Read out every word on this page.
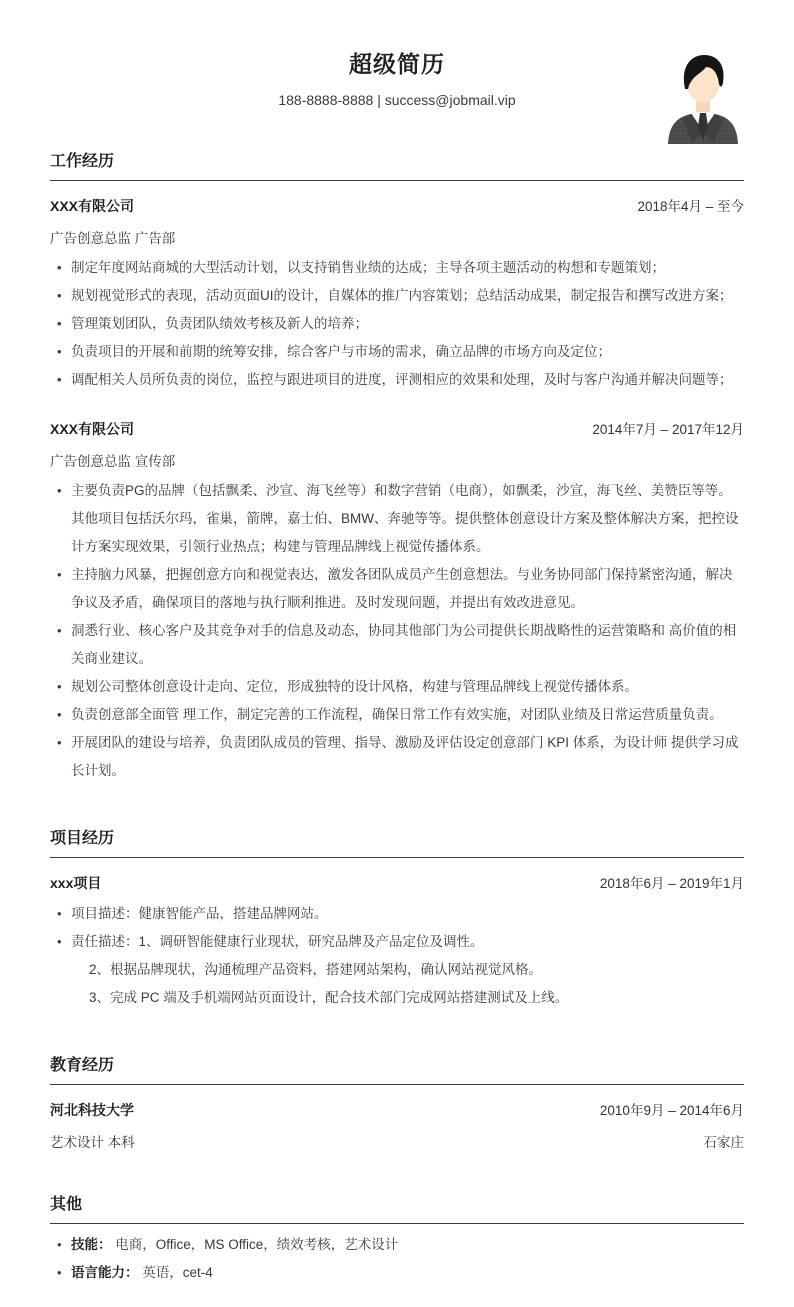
超级简历
188-8888-8888 | success@jobmail.vip
工作经历
XXX有限公司	2018年4月 – 至今
广告创意总监 广告部
• 制定年度网站商城的大型活动计划，以支持销售业绩的达成；主导各项主题活动的构想和专题策划；
• 规划视觉形式的表现，活动页面UI的设计，自媒体的推广内容策划；总结活动成果，制定报告和撰写改进方案；
• 管理策划团队，负责团队绩效考核及新人的培养；
• 负责项目的开展和前期的统筹安排，综合客户与市场的需求，确立品牌的市场方向及定位；
• 调配相关人员所负责的岗位，监控与跟进项目的进度，评测相应的效果和处理，及时与客户沟通并解决问题等；
XXX有限公司	2014年7月 – 2017年12月
广告创意总监 宣传部
• 主要负责PG的品牌（包括飘柔、沙宣、海飞丝等）和数字营销（电商），如飘柔，沙宣，海飞丝、美赞臣等等。其他项目包括沃尔玛，雀巢，箭牌，嘉士伯、BMW、奔驰等等。提供整体创意设计方案及整体解决方案，把控设计方案实现效果，引领行业热点；构建与管理品牌线上视觉传播体系。
• 主持脑力风暴，把握创意方向和视觉表达，激发各团队成员产生创意想法。与业务协同部门保持紧密沟通，解决争议及矛盾，确保项目的落地与执行顺利推进。及时发现问题，并提出有效改进意见。
• 洞悉行业、核心客户及其竞争对手的信息及动态，协同其他部门为公司提供长期战略性的运营策略和 高价值的相关商业建议。
• 规划公司整体创意设计走向、定位，形成独特的设计风格，构建与管理品牌线上视觉传播体系。
• 负责创意部全面管 理工作，制定完善的工作流程，确保日常工作有效实施，对团队业绩及日常运营质量负责。
• 开展团队的建设与培养，负责团队成员的管理、指导、激励及评估设定创意部门 KPI 体系，为设计师 提供学习成长计划。
项目经历
xxx项目	2018年6月 – 2019年1月
• 项目描述：健康智能产品，搭建品牌网站。
• 责任描述：1、调研智能健康行业现状，研究品牌及产品定位及调性。
2、根据品牌现状，沟通梳理产品资料，搭建网站架构，确认网站视觉风格。
3、完成 PC 端及手机端网站页面设计，配合技术部门完成网站搭建测试及上线。
教育经历
河北科技大学	2010年9月 – 2014年6月
艺术设计 本科	石家庄
其他
• 技能： 电商，Office，MS Office，绩效考核，艺术设计
• 语言能力： 英语，cet-4
